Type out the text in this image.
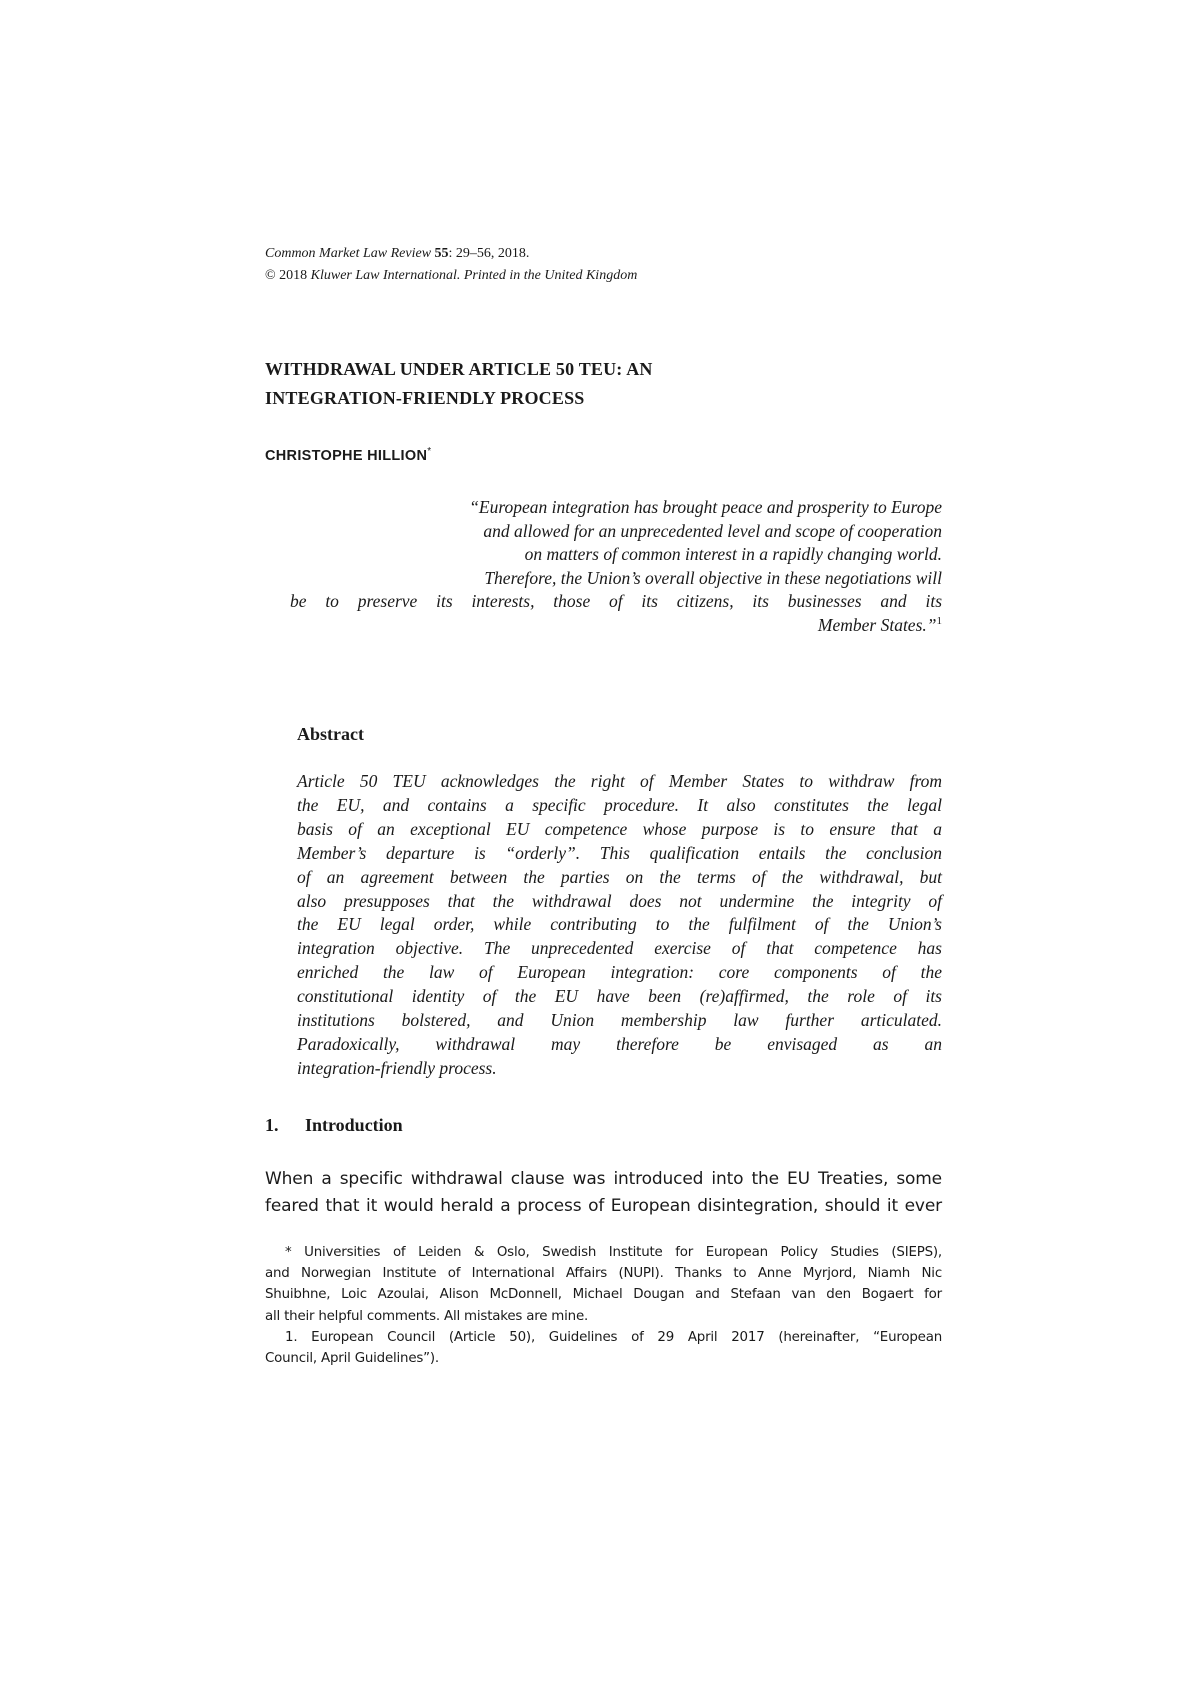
Common Market Law Review 55: 29–56, 2018.
© 2018 Kluwer Law International. Printed in the United Kingdom
WITHDRAWAL UNDER ARTICLE 50 TEU: AN
INTEGRATION-FRIENDLY PROCESS
CHRISTOPHE HILLION*
“European integration has brought peace and prosperity to Europe
and allowed for an unprecedented level and scope of cooperation
on matters of common interest in a rapidly changing world.
Therefore, the Union’s overall objective in these negotiations will
be to preserve its interests, those of its citizens, its businesses and its
Member States.”$^1$
Abstract
Article 50 TEU acknowledges the right of Member States to withdraw from
the EU, and contains a specific procedure. It also constitutes the legal
basis of an exceptional EU competence whose purpose is to ensure that a
Member’s departure is “orderly”. This qualification entails the conclusion
of an agreement between the parties on the terms of the withdrawal, but
also presupposes that the withdrawal does not undermine the integrity of
the EU legal order, while contributing to the fulfilment of the Union’s
integration objective. The unprecedented exercise of that competence has
enriched the law of European integration: core components of the
constitutional identity of the EU have been (re)affirmed, the role of its
institutions bolstered, and Union membership law further articulated.
Paradoxically, withdrawal may therefore be envisaged as an
integration-friendly process.
1. Introduction
When a specific withdrawal clause was introduced into the EU Treaties, some
feared that it would herald a process of European disintegration, should it ever
* Universities of Leiden & Oslo, Swedish Institute for European Policy Studies (SIEPS),
and Norwegian Institute of International Affairs (NUPI). Thanks to Anne Myrjord, Niamh Nic
Shuibhne, Loic Azoulai, Alison McDonnell, Michael Dougan and Stefaan van den Bogaert for
all their helpful comments. All mistakes are mine.
1. European Council (Article 50), Guidelines of 29 April 2017 (hereinafter, “European
Council, April Guidelines”).
